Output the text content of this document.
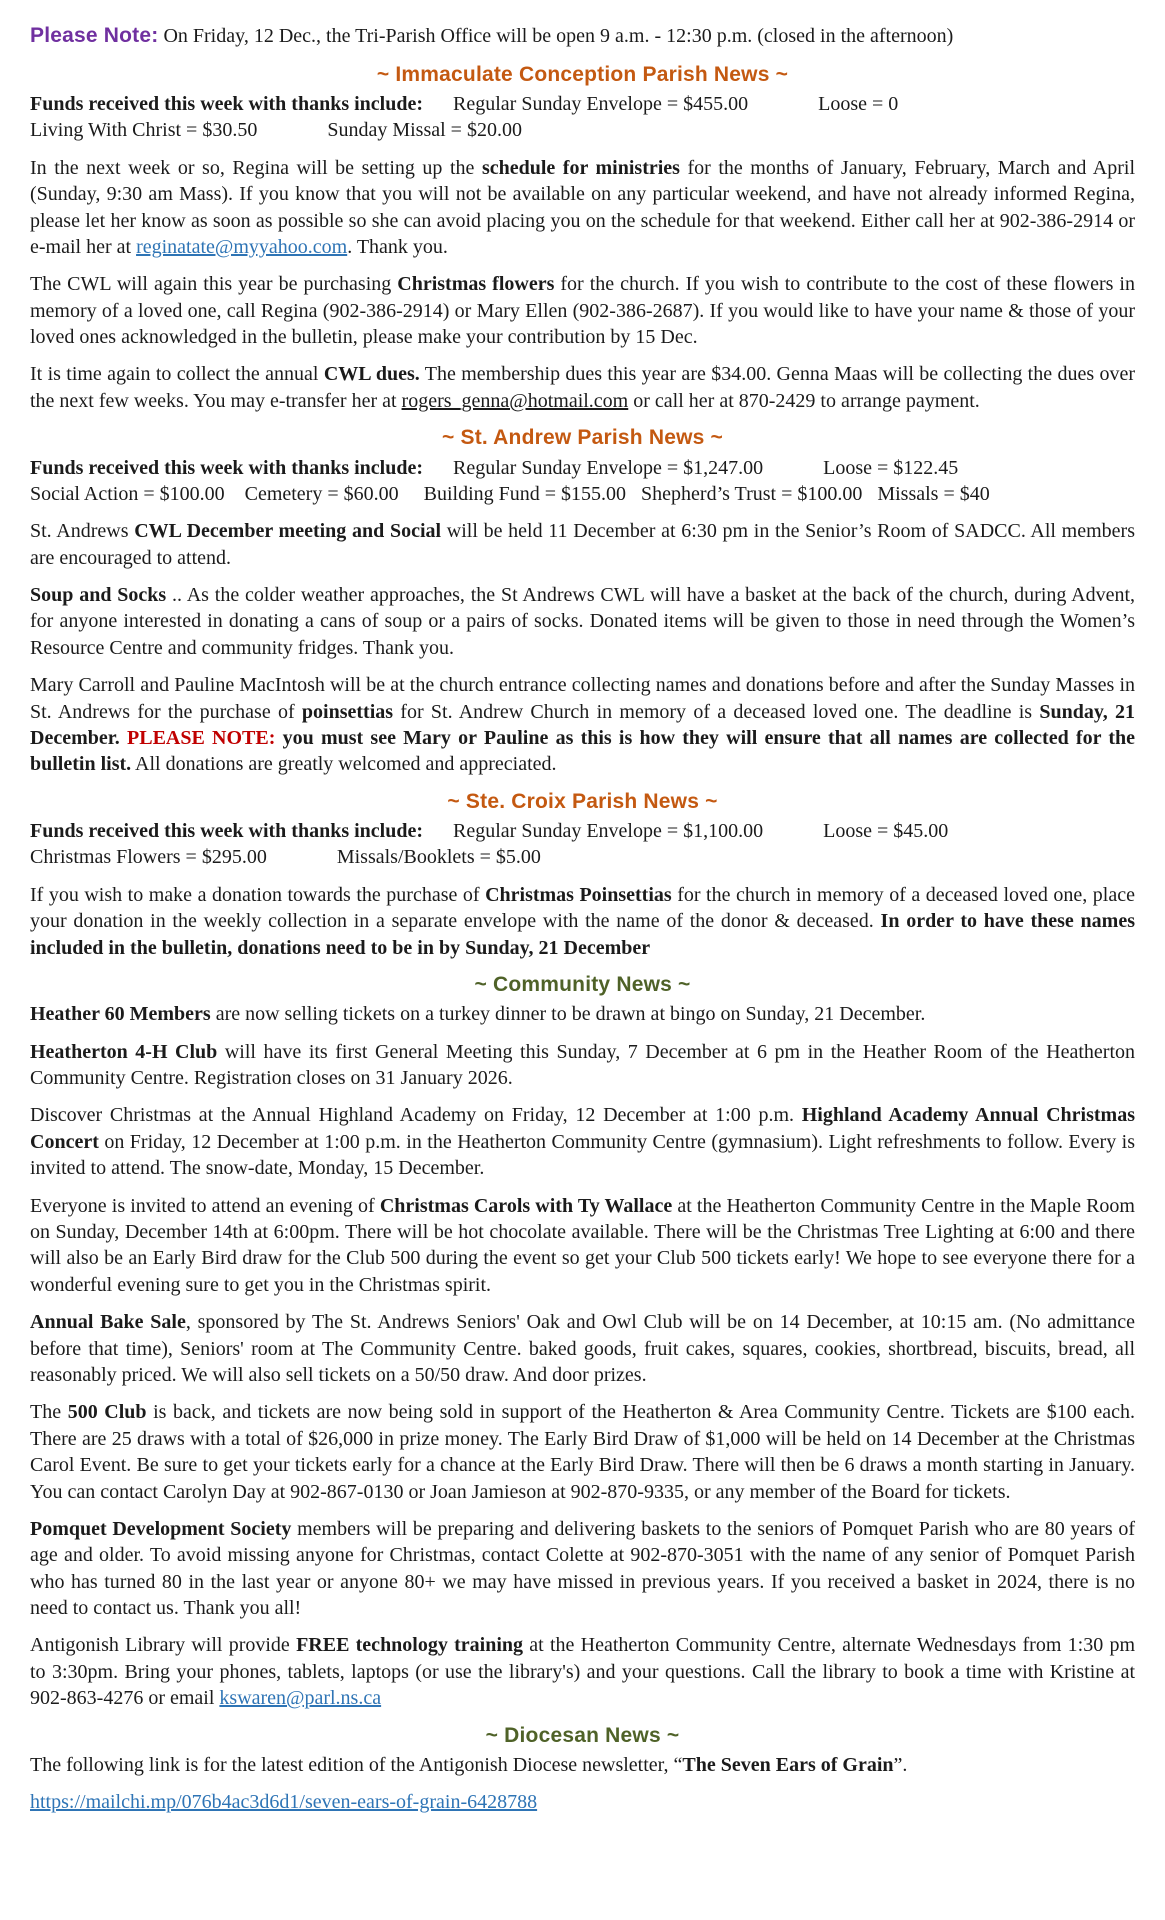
Please Note: On Friday, 12 Dec., the Tri-Parish Office will be open 9 a.m. - 12:30 p.m. (closed in the afternoon)

~ Immaculate Conception Parish News ~

Funds received this week with thanks include:      Regular Sunday Envelope = $455.00              Loose = 0

Living With Christ = $30.50              Sunday Missal = $20.00

In the next week or so, Regina will be setting up the schedule for ministries for the months of January, February, March and April (Sunday, 9:30 am Mass). If you know that you will not be available on any particular weekend, and have not already informed Regina, please let her know as soon as possible so she can avoid placing you on the schedule for that weekend. Either call her at 902-386-2914 or e-mail her at reginatate@myyahoo.com. Thank you.

The CWL will again this year be purchasing Christmas flowers for the church. If you wish to contribute to the cost of these flowers in memory of a loved one, call Regina (902-386-2914) or Mary Ellen (902-386-2687). If you would like to have your name & those of your loved ones acknowledged in the bulletin, please make your contribution by 15 Dec.

It is time again to collect the annual CWL dues. The membership dues this year are $34.00. Genna Maas will be collecting the dues over the next few weeks. You may e-transfer her at rogers_genna@hotmail.com or call her at 870-2429 to arrange payment.

~ St. Andrew Parish News ~

Funds received this week with thanks include:      Regular Sunday Envelope = $1,247.00            Loose = $122.45

Social Action = $100.00    Cemetery = $60.00     Building Fund = $155.00   Shepherd’s Trust = $100.00   Missals = $40

St. Andrews CWL December meeting and Social will be held 11 December at 6:30 pm in the Senior’s Room of SADCC. All members are encouraged to attend.

Soup and Socks .. As the colder weather approaches, the St Andrews CWL will have a basket at the back of the church, during Advent, for anyone interested in donating a cans of soup or a pairs of socks. Donated items will be given to those in need through the Women’s Resource Centre and community fridges. Thank you.

Mary Carroll and Pauline MacIntosh will be at the church entrance collecting names and donations before and after the Sunday Masses in St. Andrews for the purchase of poinsettias for St. Andrew Church in memory of a deceased loved one. The deadline is Sunday, 21 December. PLEASE NOTE: you must see Mary or Pauline as this is how they will ensure that all names are collected for the bulletin list. All donations are greatly welcomed and appreciated.

~ Ste. Croix Parish News ~

Funds received this week with thanks include:      Regular Sunday Envelope = $1,100.00            Loose = $45.00

Christmas Flowers = $295.00              Missals/Booklets = $5.00

If you wish to make a donation towards the purchase of Christmas Poinsettias for the church in memory of a deceased loved one, place your donation in the weekly collection in a separate envelope with the name of the donor & deceased. In order to have these names included in the bulletin, donations need to be in by Sunday, 21 December

~ Community News ~

Heather 60 Members are now selling tickets on a turkey dinner to be drawn at bingo on Sunday, 21 December.

Heatherton 4-H Club will have its first General Meeting this Sunday, 7 December at 6 pm in the Heather Room of the Heatherton Community Centre. Registration closes on 31 January 2026.

Discover Christmas at the Annual Highland Academy on Friday, 12 December at 1:00 p.m. Highland Academy Annual Christmas Concert on Friday, 12 December at 1:00 p.m. in the Heatherton Community Centre (gymnasium). Light refreshments to follow. Every is invited to attend. The snow-date, Monday, 15 December.

Everyone is invited to attend an evening of Christmas Carols with Ty Wallace at the Heatherton Community Centre in the Maple Room on Sunday, December 14th at 6:00pm. There will be hot chocolate available. There will be the Christmas Tree Lighting at 6:00 and there will also be an Early Bird draw for the Club 500 during the event so get your Club 500 tickets early! We hope to see everyone there for a wonderful evening sure to get you in the Christmas spirit.

Annual Bake Sale, sponsored by The St. Andrews Seniors' Oak and Owl Club will be on 14 December, at 10:15 am. (No admittance before that time), Seniors' room at The Community Centre. baked goods, fruit cakes, squares, cookies, shortbread, biscuits, bread, all reasonably priced. We will also sell tickets on a 50/50 draw. And door prizes.

The 500 Club is back, and tickets are now being sold in support of the Heatherton & Area Community Centre. Tickets are $100 each. There are 25 draws with a total of $26,000 in prize money. The Early Bird Draw of $1,000 will be held on 14 December at the Christmas Carol Event. Be sure to get your tickets early for a chance at the Early Bird Draw. There will then be 6 draws a month starting in January. You can contact Carolyn Day at 902-867-0130 or Joan Jamieson at 902-870-9335, or any member of the Board for tickets.

Pomquet Development Society members will be preparing and delivering baskets to the seniors of Pomquet Parish who are 80 years of age and older. To avoid missing anyone for Christmas, contact Colette at 902-870-3051 with the name of any senior of Pomquet Parish who has turned 80 in the last year or anyone 80+ we may have missed in previous years. If you received a basket in 2024, there is no need to contact us. Thank you all!

Antigonish Library will provide FREE technology training at the Heatherton Community Centre, alternate Wednesdays from 1:30 pm to 3:30pm. Bring your phones, tablets, laptops (or use the library's) and your questions. Call the library to book a time with Kristine at 902-863-4276 or email kswaren@parl.ns.ca

~ Diocesan News ~

The following link is for the latest edition of the Antigonish Diocese newsletter, “The Seven Ears of Grain”.

https://mailchi.mp/076b4ac3d6d1/seven-ears-of-grain-6428788
